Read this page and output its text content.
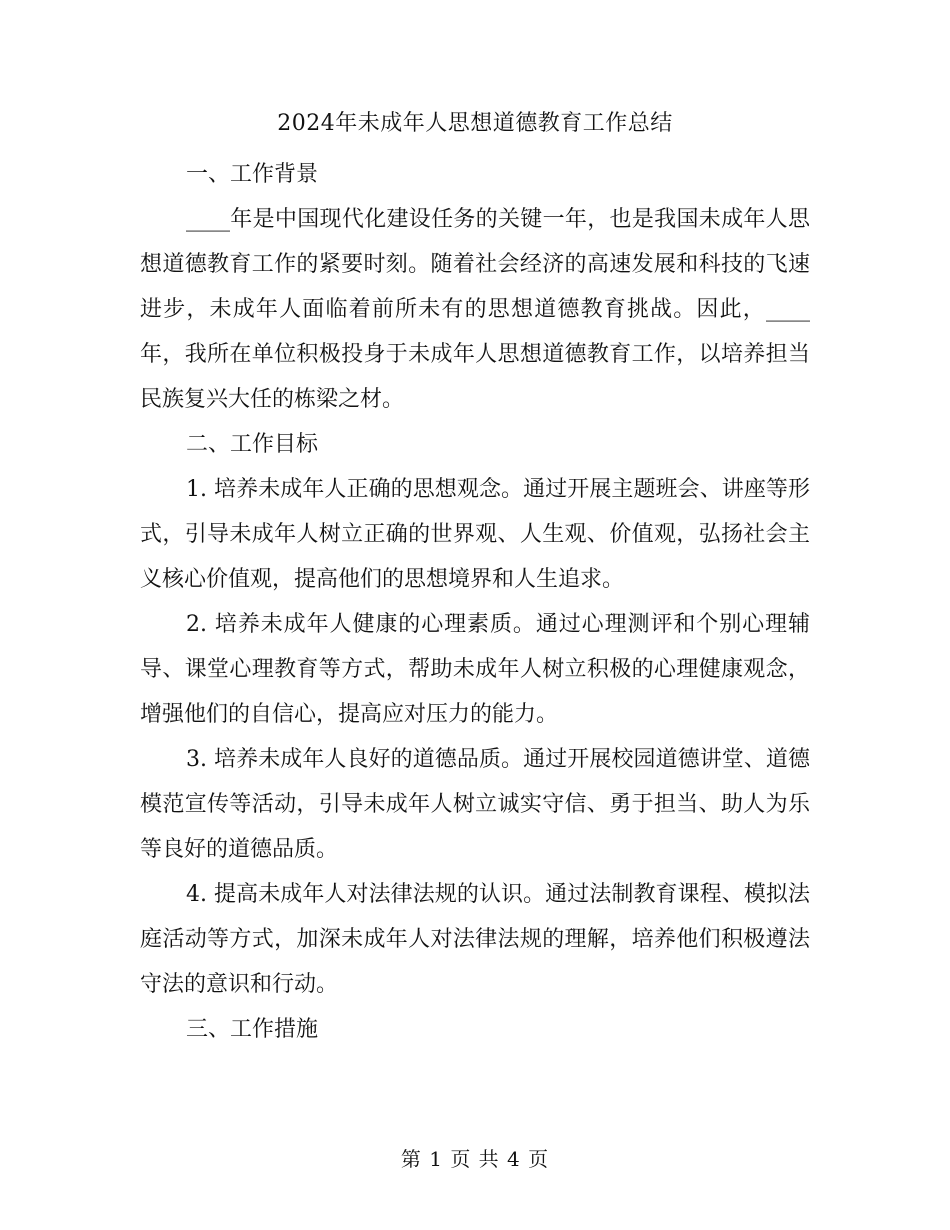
2024年未成年人思想道德教育工作总结

一、工作背景

____年是中国现代化建设任务的关键一年，也是我国未成年人思想道德教育工作的紧要时刻。随着社会经济的高速发展和科技的飞速进步，未成年人面临着前所未有的思想道德教育挑战。因此，____年，我所在单位积极投身于未成年人思想道德教育工作，以培养担当民族复兴大任的栋梁之材。

二、工作目标

1. 培养未成年人正确的思想观念。通过开展主题班会、讲座等形式，引导未成年人树立正确的世界观、人生观、价值观，弘扬社会主义核心价值观，提高他们的思想境界和人生追求。

2. 培养未成年人健康的心理素质。通过心理测评和个别心理辅导、课堂心理教育等方式，帮助未成年人树立积极的心理健康观念，增强他们的自信心，提高应对压力的能力。

3. 培养未成年人良好的道德品质。通过开展校园道德讲堂、道德模范宣传等活动，引导未成年人树立诚实守信、勇于担当、助人为乐等良好的道德品质。

4. 提高未成年人对法律法规的认识。通过法制教育课程、模拟法庭活动等方式，加深未成年人对法律法规的理解，培养他们积极遵法守法的意识和行动。

三、工作措施

第 1 页 共 4 页
